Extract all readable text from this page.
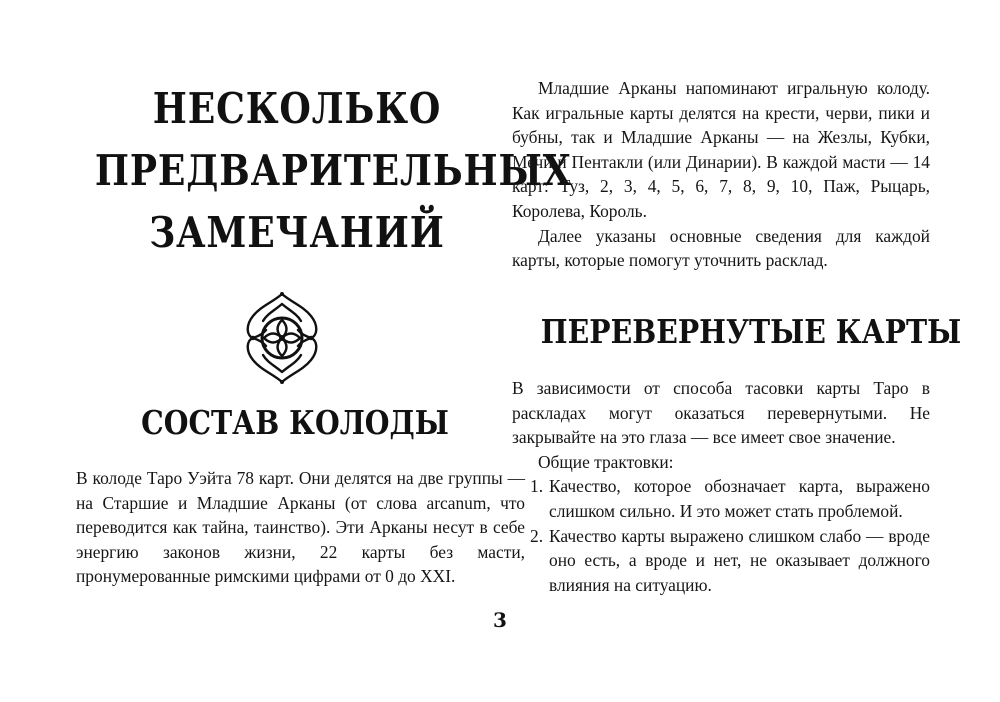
НЕСКОЛЬКО
ПРЕДВАРИТЕЛЬНЫХ
ЗАМЕЧАНИЙ
СОСТАВ КОЛОДЫ

В колоде Таро Уэйта 78 карт. Они делятся на две группы — на Старшие и Младшие Арканы (от слова arcanum, что переводится как тайна, таинство). Эти Арканы несут в себе энергию законов жизни, 22 карты без масти, пронумерованные римскими цифрами от 0 до XXI.

Младшие Арканы напоминают игральную колоду. Как игральные карты делятся на крести, черви, пики и бубны, так и Младшие Арканы — на Жезлы, Кубки, Мечи и Пентакли (или Динарии). В каждой масти — 14 карт: Туз, 2, 3, 4, 5, 6, 7, 8, 9, 10, Паж, Рыцарь, Королева, Король.

Далее указаны основные сведения для каждой карты, которые помогут уточнить расклад.

ПЕРЕВЕРНУТЫЕ КАРТЫ

В зависимости от способа тасовки карты Таро в раскладах могут оказаться перевернутыми. Не закрывайте на это глаза — все имеет свое значение.

Общие трактовки:

1. Качество, которое обозначает карта, выражено слишком сильно. И это может стать проблемой.
2. Качество карты выражено слишком слабо — вроде оно есть, а вроде и нет, не оказывает должного влияния на ситуацию.
3
